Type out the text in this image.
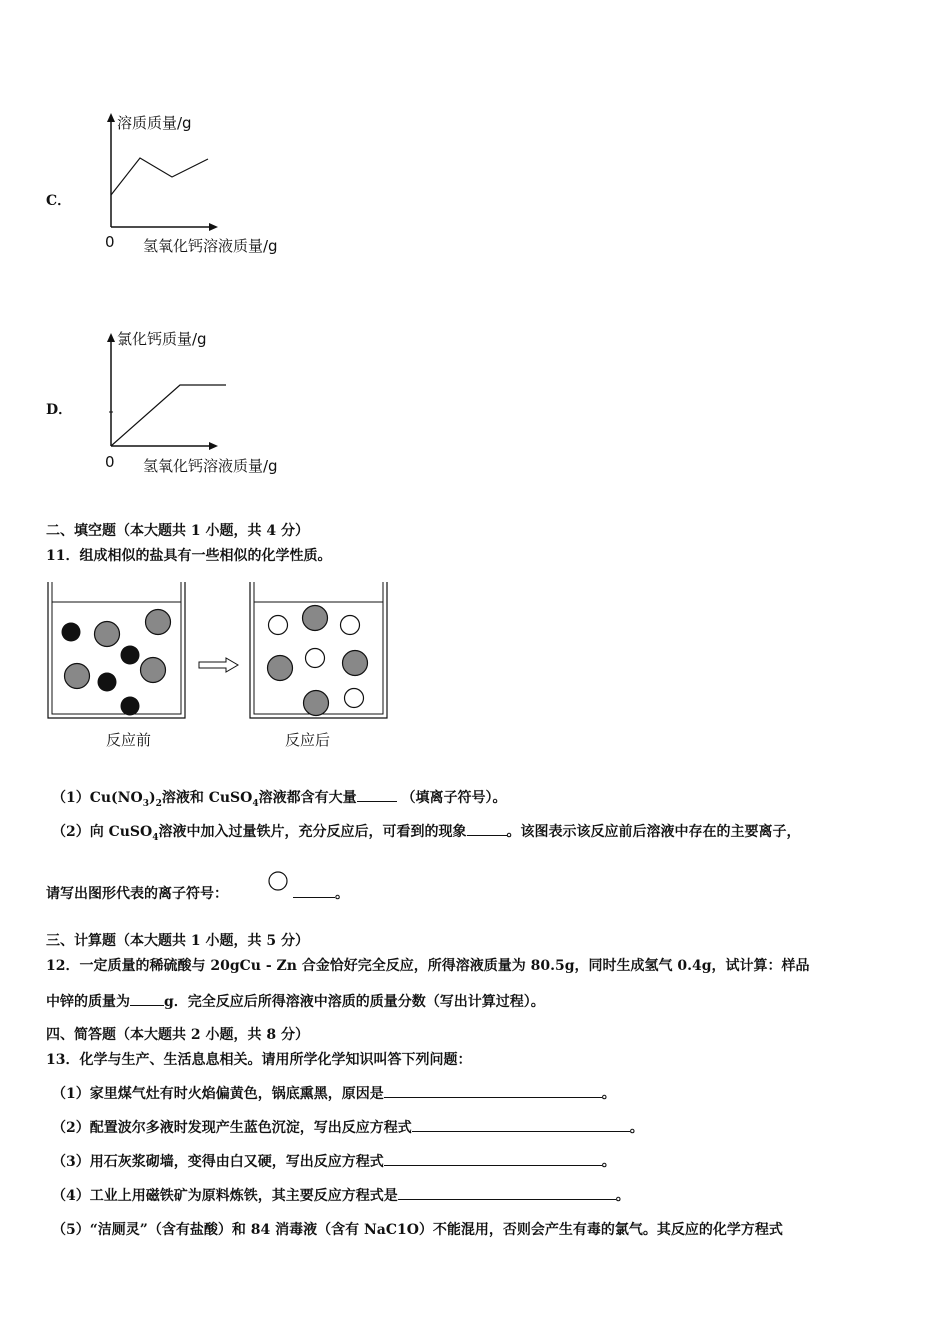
C．
溶质质量/g
0 氢氧化钙溶液质量/g
D．
氯化钙质量/g
0 氢氧化钙溶液质量/g
二、填空题（本大题共 1 小题，共 4 分）
11．组成相似的盐具有一些相似的化学性质。
反应前	反应后
$(1)Cu(NO_3)_2$溶液和 CuSO$_4$溶液都含有大量	（填离子符号）。
（2）向 CuSO$_4$溶液中加入过量铁片，充分反应后，可看到的现象	。该图表示该反应前后溶液中存在的主要离子，
请写出图形代表的离子符号：	。
三、计算题（本大题共 1 小题，共 5 分）
12．一定质量的稀硫酸与 20gCu - Zn 合金恰好完全反应，所得溶液质量为 80.5g，同时生成氢气 0.4g，试计算：样品
中锌的质量为 g．完全反应后所得溶液中溶质的质量分数（写出计算过程）。
四、简答题（本大题共 2 小题，共 8 分）
13．化学与生产、生活息息相关。请用所学化学知识叫答下列问题：
（1）家里煤气灶有时火焰偏黄色，锅底熏黑，原因是	。
（2）配置波尔多液时发现产生蓝色沉淀，写出反应方程式	。
（3）用石灰浆砌墙，变得由白又硬，写出反应方程式	。
（4）工业上用磁铁矿为原料炼铁，其主要反应方程式是	。
（5）“洁厕灵”（含有盐酸）和 84 消毒液（含有 NaC1O）不能混用，否则会产生有毒的氯气。其反应的化学方程式
